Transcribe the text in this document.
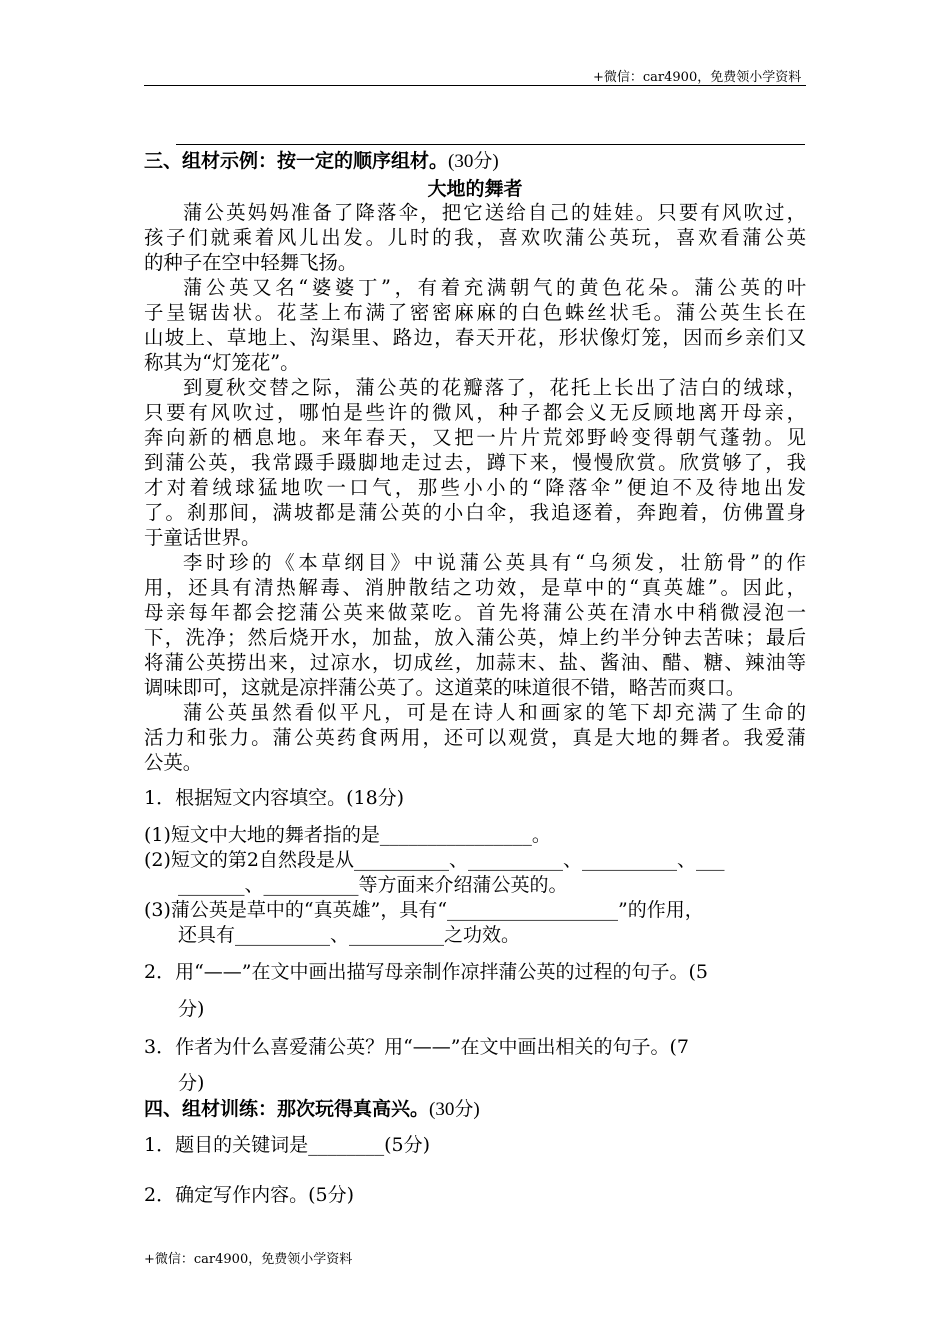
+微信：car4900，免费领小学资料
三、组材示例：按一定的顺序组材。(30分)
大地的舞者
蒲公英妈妈准备了降落伞，把它送给自己的娃娃。只要有风吹过，
孩子们就乘着风儿出发。儿时的我，喜欢吹蒲公英玩，喜欢看蒲公英
的种子在空中轻舞飞扬。
蒲公英又名“婆婆丁”，有着充满朝气的黄色花朵。蒲公英的叶
子呈锯齿状。花茎上布满了密密麻麻的白色蛛丝状毛。蒲公英生长在
山坡上、草地上、沟渠里、路边，春天开花，形状像灯笼，因而乡亲们又
称其为“灯笼花”。
到夏秋交替之际，蒲公英的花瓣落了，花托上长出了洁白的绒球，
只要有风吹过，哪怕是些许的微风，种子都会义无反顾地离开母亲，
奔向新的栖息地。来年春天，又把一片片荒郊野岭变得朝气蓬勃。见
到蒲公英，我常蹑手蹑脚地走过去，蹲下来，慢慢欣赏。欣赏够了，我
才对着绒球猛地吹一口气，那些小小的“降落伞”便迫不及待地出发
了。刹那间，满坡都是蒲公英的小白伞，我追逐着，奔跑着，仿佛置身
于童话世界。
李时珍的《本草纲目》中说蒲公英具有“乌须发，壮筋骨”的作
用，还具有清热解毒、消肿散结之功效，是草中的“真英雄”。因此，
母亲每年都会挖蒲公英来做菜吃。首先将蒲公英在清水中稍微浸泡一
下，洗净；然后烧开水，加盐，放入蒲公英，焯上约半分钟去苦味；最后
将蒲公英捞出来，过凉水，切成丝，加蒜末、盐、酱油、醋、糖、辣油等
调味即可，这就是凉拌蒲公英了。这道菜的味道很不错，略苦而爽口。
蒲公英虽然看似平凡，可是在诗人和画家的笔下却充满了生命的
活力和张力。蒲公英药食两用，还可以观赏，真是大地的舞者。我爱蒲
公英。
1．根据短文内容填空。(18分)
(1)短文中大地的舞者指的是________________。
(2)短文的第2自然段是从__________、__________、__________、___
_______、__________等方面来介绍蒲公英的。
(3)蒲公英是草中的“真英雄”，具有“__________________”的作用，
还具有__________、__________之功效。
2．用“——”在文中画出描写母亲制作凉拌蒲公英的过程的句子。(5
分)
3．作者为什么喜爱蒲公英？用“——”在文中画出相关的句子。(7
分)
四、组材训练：那次玩得真高兴。(30分)
1．题目的关键词是________(5分)
2．确定写作内容。(5分)
+微信：car4900，免费领小学资料
